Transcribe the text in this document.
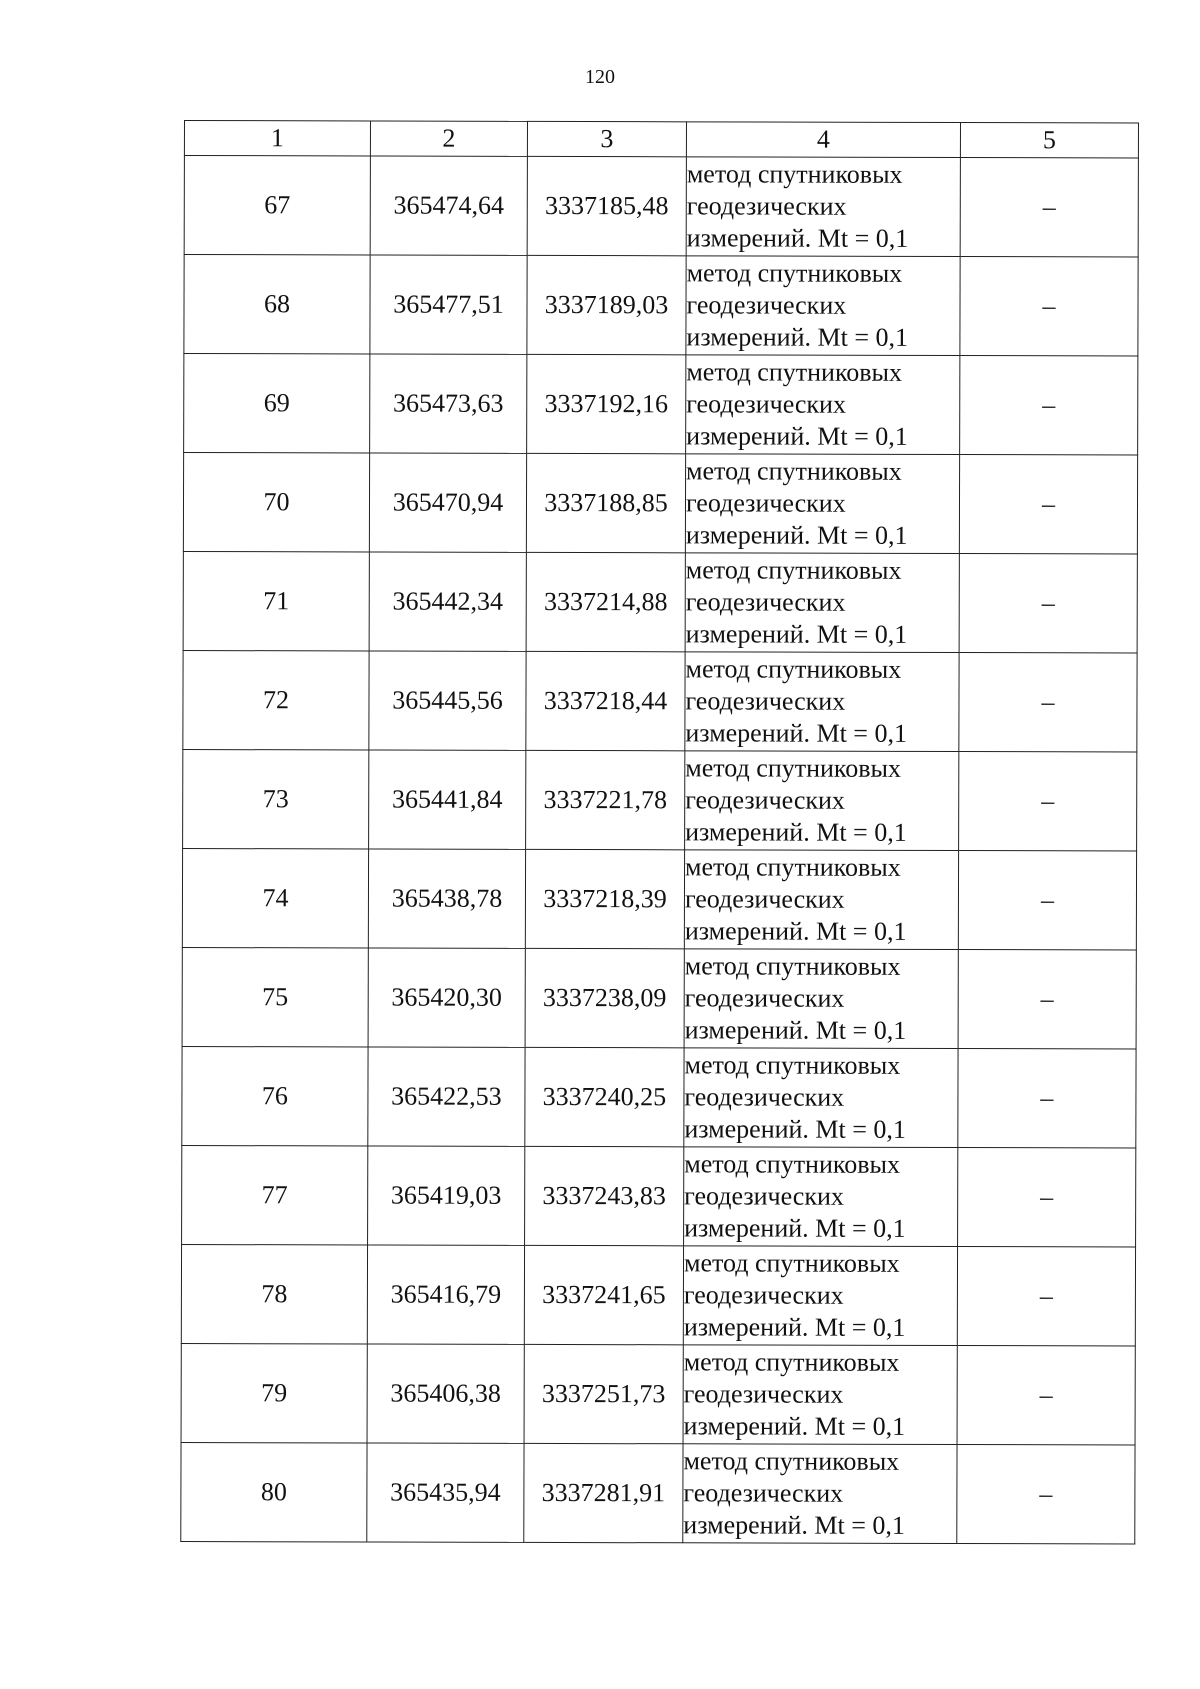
120
1	2	3	4	5
67	365474,64	3337185,48	метод спутниковых
геодезических
измерений. Mt = 0,1	–
68	365477,51	3337189,03	метод спутниковых
геодезических
измерений. Mt = 0,1	–
69	365473,63	3337192,16	метод спутниковых
геодезических
измерений. Mt = 0,1	–
70	365470,94	3337188,85	метод спутниковых
геодезических
измерений. Mt = 0,1	–
71	365442,34	3337214,88	метод спутниковых
геодезических
измерений. Mt = 0,1	–
72	365445,56	3337218,44	метод спутниковых
геодезических
измерений. Mt = 0,1	–
73	365441,84	3337221,78	метод спутниковых
геодезических
измерений. Mt = 0,1	–
74	365438,78	3337218,39	метод спутниковых
геодезических
измерений. Mt = 0,1	–
75	365420,30	3337238,09	метод спутниковых
геодезических
измерений. Mt = 0,1	–
76	365422,53	3337240,25	метод спутниковых
геодезических
измерений. Mt = 0,1	–
77	365419,03	3337243,83	метод спутниковых
геодезических
измерений. Mt = 0,1	–
78	365416,79	3337241,65	метод спутниковых
геодезических
измерений. Mt = 0,1	–
79	365406,38	3337251,73	метод спутниковых
геодезических
измерений. Mt = 0,1	–
80	365435,94	3337281,91	метод спутниковых
геодезических
измерений. Mt = 0,1	–
